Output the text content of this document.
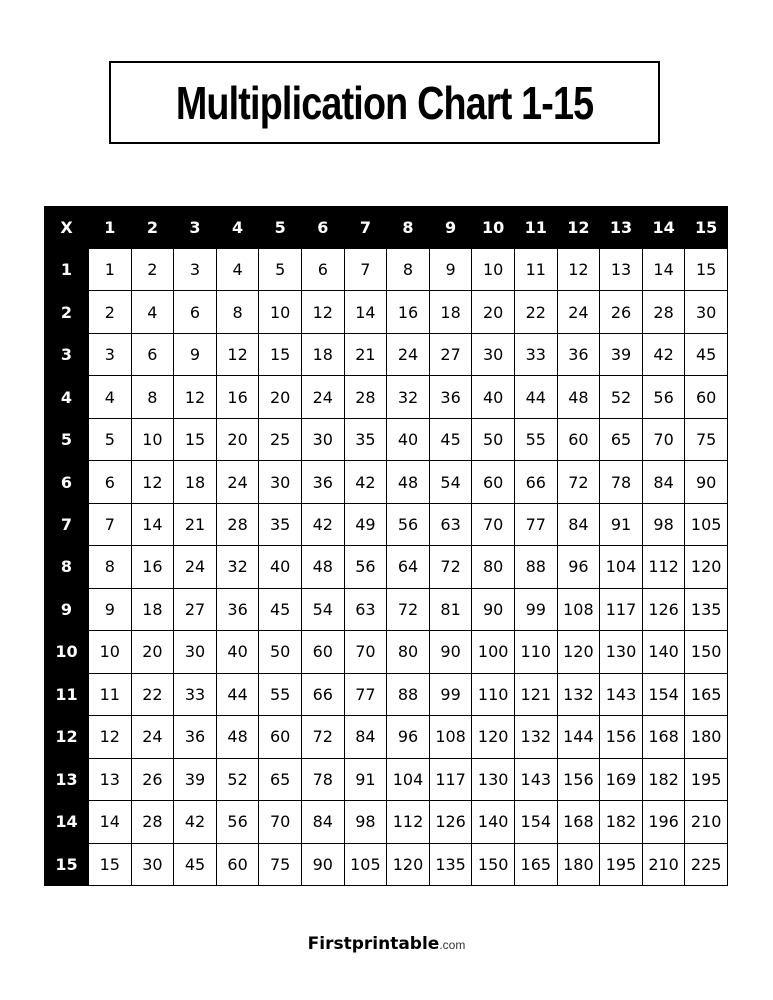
Multiplication Chart 1-15
X	1	2	3	4	5	6	7	8	9	10	11	12	13	14	15
1	1	2	3	4	5	6	7	8	9	10	11	12	13	14	15
2	2	4	6	8	10	12	14	16	18	20	22	24	26	28	30
3	3	6	9	12	15	18	21	24	27	30	33	36	39	42	45
4	4	8	12	16	20	24	28	32	36	40	44	48	52	56	60
5	5	10	15	20	25	30	35	40	45	50	55	60	65	70	75
6	6	12	18	24	30	36	42	48	54	60	66	72	78	84	90
7	7	14	21	28	35	42	49	56	63	70	77	84	91	98	105
8	8	16	24	32	40	48	56	64	72	80	88	96	104 112 120
9	9	18	27	36	45	54	63	72	81	90	99	108 117 126 135
10	10	20	30	40	50	60	70	80	90	100 110 120 130 140 150
11	11	22	33	44	55	66	77	88	99	110 121 132 143 154 165
12	12	24	36	48	60	72	84	96	108 120 132 144 156 168 180
13	13	26	39	52	65	78	91	104 117 130 143 156 169 182 195
14	14	28	42	56	70	84	98	112 126 140 154 168 182 196 210
15	15	30	45	60	75	90	105 120 135 150 165 180 195 210 225
Firstprintable.com
